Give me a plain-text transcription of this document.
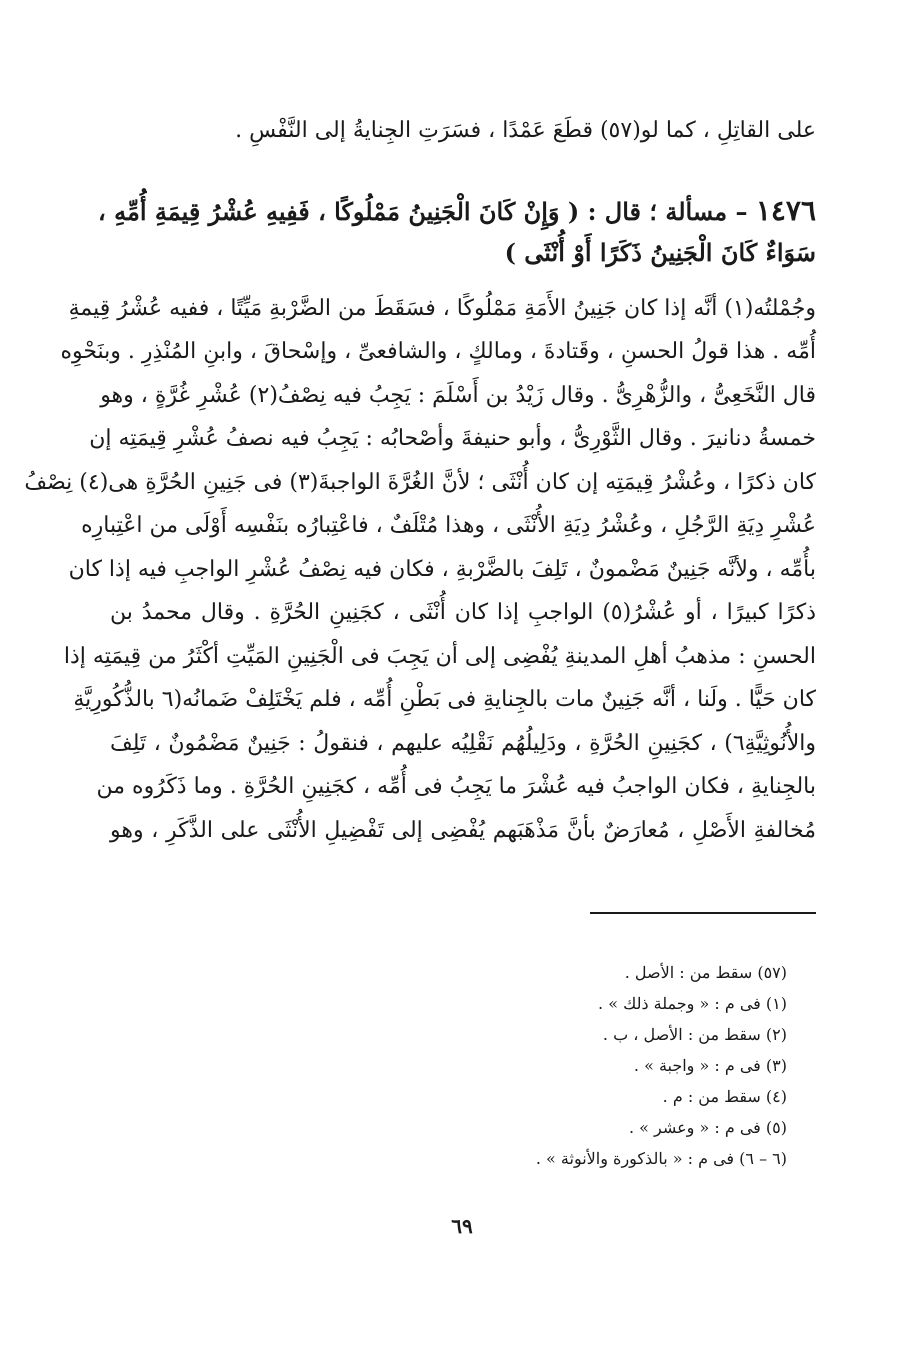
على القاتِلِ ، كما لو(٥٧) قطَعَ عَمْدًا ، فسَرَتِ الجِنايةُ إلى النَّفْسِ .
١٤٧٦ – مسألة ؛ قال : ( وَإِنْ كَانَ الْجَنِينُ مَمْلُوكًا ، فَفِيهِ عُشْرُ قِيمَةِ أُمِّهِ ،
سَوَاءٌ كَانَ الْجَنِينُ ذَكَرًا أَوْ أُنْثَى )
وجُمْلتُه(١) أنَّه إذا كان جَنِينُ الأَمَةِ مَمْلُوكًا ، فسَقَطَ من الضَّرْبةِ مَيِّتًا ، ففيه عُشْرُ قِيمةِ
أُمِّه . هذا قولُ الحسنِ ، وقَتادةَ ، ومالكٍ ، والشافعىِّ ، وإسْحاقَ ، وابنِ المُنْذِرِ . وبنَحْوِه
قال النَّخَعِىُّ ، والزُّهْرِىُّ . وقال زَيْدُ بن أَسْلَمَ : يَجِبُ فيه نِصْفُ(٢) عُشْرِ غُرَّةٍ ، وهو
خمسةُ دنانيرَ . وقال الثَّوْرِىُّ ، وأبو حنيفةَ وأصْحابُه : يَجِبُ فيه نصفُ عُشْرِ قِيمَتِه إن
كان ذكرًا ، وعُشْرُ قِيمَتِه إن كان أُنْثَى ؛ لأنَّ الغُرَّةَ الواجبةَ(٣) فى جَنِينِ الحُرَّةِ هى(٤) نِصْفُ
عُشْرِ دِيَةِ الرَّجُلِ ، وعُشْرُ دِيَةِ الأُنْثَى ، وهذا مُتْلَفٌ ، فاعْتِبارُه بنَفْسِه أَوْلَى من اعْتِبارِه
بأُمِّه ، ولأنَّه جَنِينٌ مَضْمونٌ ، تَلِفَ بالضَّرْبةِ ، فكان فيه نِصْفُ عُشْرِ الواجبِ فيه إذا كان
ذكرًا كبيرًا ، أو عُشْرُ(٥) الواجبِ إذا كان أُنْثَى ، كجَنِينِ الحُرَّةِ . وقال محمدُ بن
الحسنِ : مذهبُ أهلِ المدينةِ يُفْضِى إلى أن يَجِبَ فى الْجَنِينِ المَيِّتِ أكْثَرُ من قِيمَتِه إذا
كان حَيًّا . ولَنا ، أنَّه جَنِينٌ مات بالجِنايةِ فى بَطْنِ أُمِّه ، فلم يَخْتَلِفْ ضَمانُه(٦ بالذُّكُورِيَّةِ
والأُنُوثِيَّةِ٦) ، كجَنِينِ الحُرَّةِ ، ودَلِيلُهُم نَقْلِيُه عليهم ، فنقولُ : جَنِينٌ مَضْمُونٌ ، تَلِفَ
بالجِنايةِ ، فكان الواجبُ فيه عُشْرَ ما يَجِبُ فى أُمِّه ، كجَنِينِ الحُرَّةِ . وما ذَكَرُوه من
مُخالفةِ الأَصْلِ ، مُعارَضٌ بأنَّ مَذْهَبَهم يُفْضِى إلى تَفْضِيلِ الأُنْثَى على الذَّكَرِ ، وهو
(٥٧) سقط من : الأصل .
(١) فى م : « وجملة ذلك » .
(٢) سقط من : الأصل ، ب .
(٣) فى م : « واجبة » .
(٤) سقط من : م .
(٥) فى م : « وعشر » .
(٦ – ٦) فى م : « بالذكورة والأنوثة » .
٦٩
